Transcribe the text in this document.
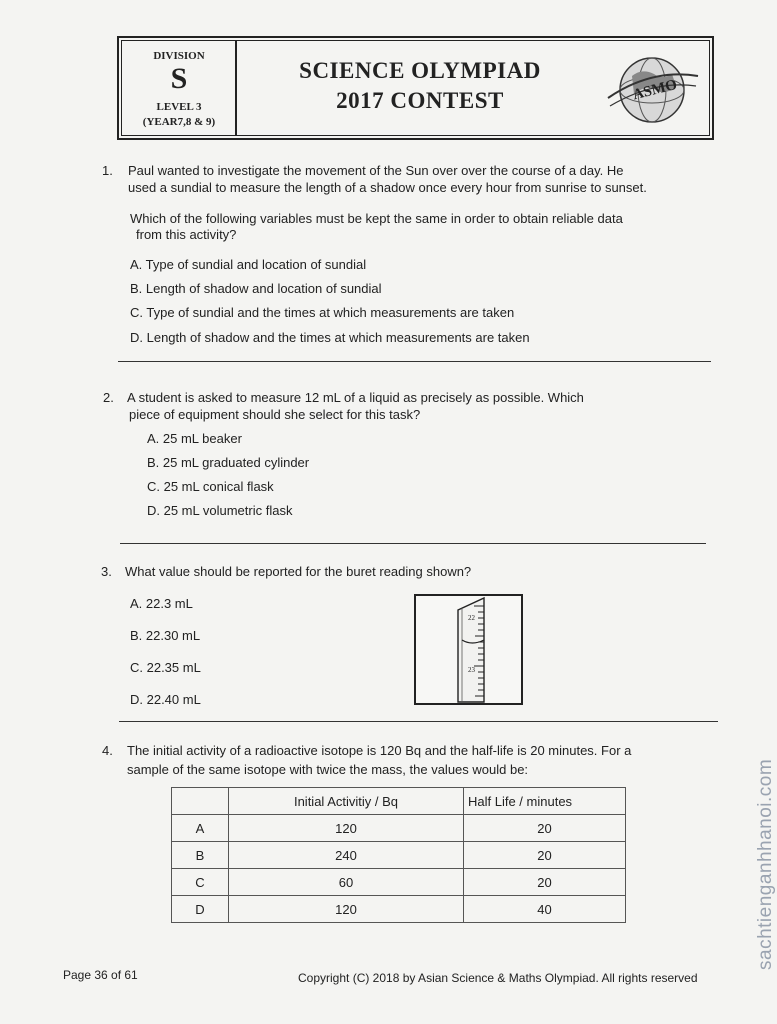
DIVISION
S
LEVEL 3
(YEAR7,8 & 9)
SCIENCE OLYMPIAD
2017 CONTEST	ASMO
1. Paul wanted to investigate the movement of the Sun over over the course of a day. He
used a sundial to measure the length of a shadow once every hour from sunrise to sunset.
Which of the following variables must be kept the same in order to obtain reliable data
from this activity?
A. Type of sundial and location of sundial
B. Length of shadow and location of sundial
C. Type of sundial and the times at which measurements are taken
D. Length of shadow and the times at which measurements are taken
2. A student is asked to measure 12 mL of a liquid as precisely as possible. Which
piece of equipment should she select for this task?
A. 25 mL beaker
B. 25 mL graduated cylinder
C. 25 mL conical flask
D. 25 mL volumetric flask
3. What value should be reported for the buret reading shown?
A. 22.3 mL
B. 22.30 mL
C. 22.35 mL
D. 22.40 mL
22
23
4. The initial activity of a radioactive isotope is 120 Bq and the half-life is 20 minutes. For a
sample of the same isotope with twice the mass, the values would be:
	Initial Activitiy / Bq	Half Life / minutes
A	120	20
B	240	20
C	60	20
D	120	40
Page 36 of 61	Copyright (C) 2018 by Asian Science & Maths Olympiad. All rights reserved
sachtienganhhanoi.com
